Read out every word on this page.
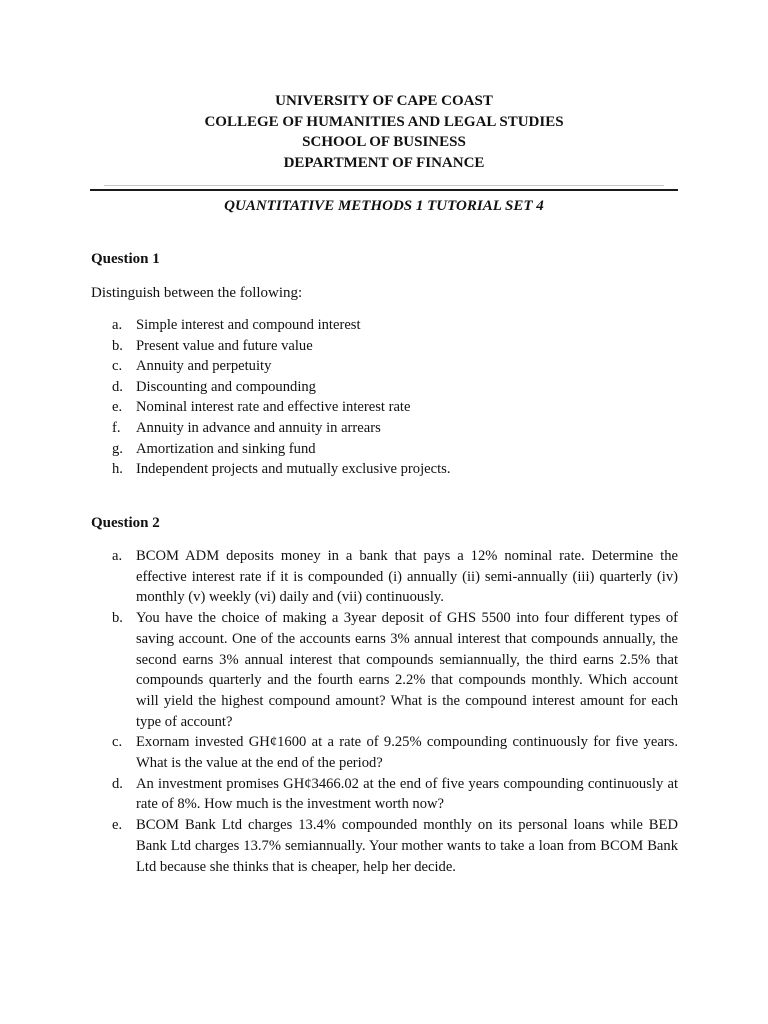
UNIVERSITY OF CAPE COAST
COLLEGE OF HUMANITIES AND LEGAL STUDIES
SCHOOL OF BUSINESS
DEPARTMENT OF FINANCE
QUANTITATIVE METHODS 1 TUTORIAL SET 4
Question 1
Distinguish between the following:
a. Simple interest and compound interest
b. Present value and future value
c. Annuity and perpetuity
d. Discounting and compounding
e. Nominal interest rate and effective interest rate
f. Annuity in advance and annuity in arrears
g. Amortization and sinking fund
h. Independent projects and mutually exclusive projects.
Question 2
a. BCOM ADM deposits money in a bank that pays a 12% nominal rate. Determine the effective interest rate if it is compounded (i) annually (ii) semi-annually (iii) quarterly (iv) monthly (v) weekly (vi) daily and (vii) continuously.
b. You have the choice of making a 3year deposit of GHS 5500 into four different types of saving account. One of the accounts earns 3% annual interest that compounds annually, the second earns 3% annual interest that compounds semiannually, the third earns 2.5% that compounds quarterly and the fourth earns 2.2% that compounds monthly. Which account will yield the highest compound amount? What is the compound interest amount for each type of account?
c. Exornam invested GH¢1600 at a rate of 9.25% compounding continuously for five years. What is the value at the end of the period?
d. An investment promises GH¢3466.02 at the end of five years compounding continuously at rate of 8%. How much is the investment worth now?
e. BCOM Bank Ltd charges 13.4% compounded monthly on its personal loans while BED Bank Ltd charges 13.7% semiannually. Your mother wants to take a loan from BCOM Bank Ltd because she thinks that is cheaper, help her decide.
